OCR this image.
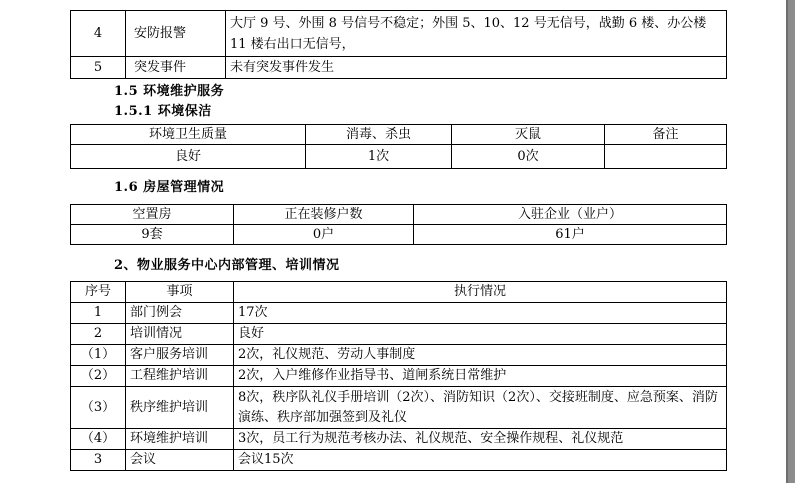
4	安防报警	大厅 9 号、外围 8 号信号不稳定；外围 5、10、12 号无信号，战勤 6 楼、办公楼 11 楼右出口无信号，
5	突发事件	未有突发事件发生
1.5 环境维护服务
1.5.1 环境保洁
环境卫生质量	消毒、杀虫	灭鼠	备注
良好	1次	0次	
1.6 房屋管理情况
空置房	正在装修户数	入驻企业（业户）
9套	0户	61户
2、物业服务中心内部管理、培训情况
序号	事项	执行情况
1	部门例会	17次
2	培训情况	良好
（1）	客户服务培训	2次，礼仪规范、劳动人事制度
（2）	工程维护培训	2次，入户维修作业指导书、道闸系统日常维护
（3）	秩序维护培训	8次，秩序队礼仪手册培训（2次）、消防知识（2次）、交接班制度、应急预案、消防演练、秩序部加强签到及礼仪
（4）	环境维护培训	3次，员工行为规范考核办法、礼仪规范、安全操作规程、礼仪规范
3	会议	会议15次
